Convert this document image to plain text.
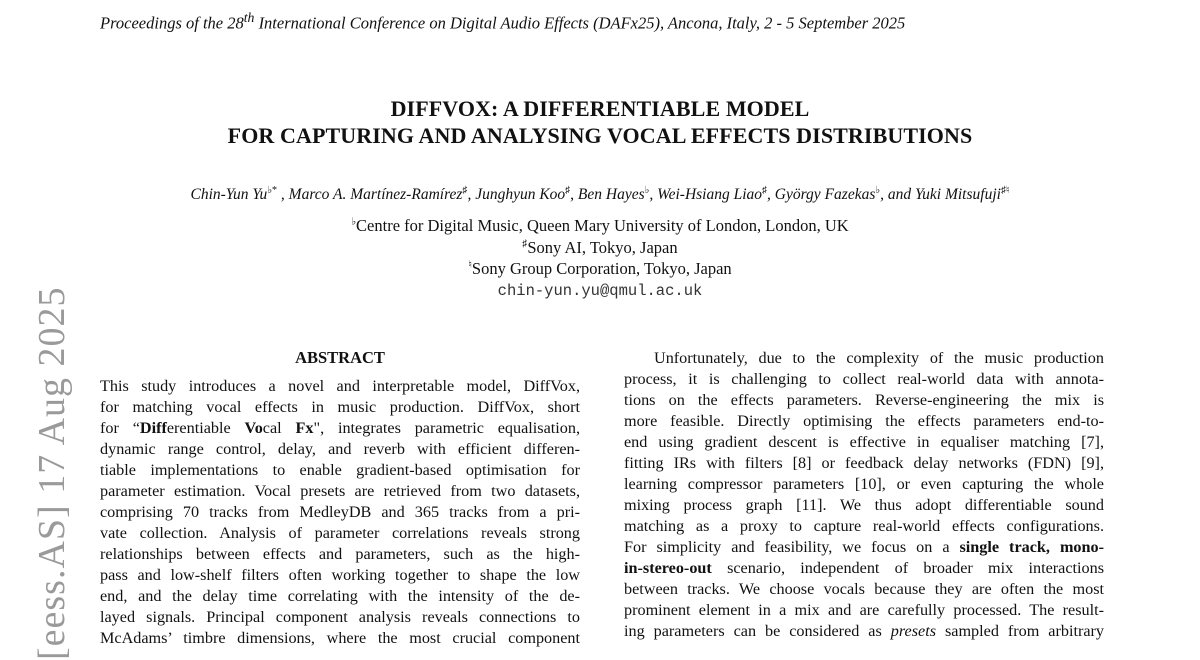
Proceedings of the 28th International Conference on Digital Audio Effects (DAFx25), Ancona, Italy, 2 - 5 September 2025
DIFFVOX: A DIFFERENTIABLE MODEL
FOR CAPTURING AND ANALYSING VOCAL EFFECTS DISTRIBUTIONS
Chin-Yun Yu♭* , Marco A. Martínez-Ramírez♯, Junghyun Koo♯, Ben Hayes♭, Wei-Hsiang Liao♯, György Fazekas♭, and Yuki Mitsufuji♯♮
♭Centre for Digital Music, Queen Mary University of London, London, UK
♯Sony AI, Tokyo, Japan
♮Sony Group Corporation, Tokyo, Japan
chin-yun.yu@qmul.ac.uk
ABSTRACT
This study introduces a novel and interpretable model, DiffVox,
for matching vocal effects in music production. DiffVox, short
for “Differentiable Vocal Fx", integrates parametric equalisation,
dynamic range control, delay, and reverb with efficient differen-
tiable implementations to enable gradient-based optimisation for
parameter estimation. Vocal presets are retrieved from two datasets,
comprising 70 tracks from MedleyDB and 365 tracks from a pri-
vate collection. Analysis of parameter correlations reveals strong
relationships between effects and parameters, such as the high-
pass and low-shelf filters often working together to shape the low
end, and the delay time correlating with the intensity of the de-
layed signals. Principal component analysis reveals connections to
McAdams’ timbre dimensions, where the most crucial component
Unfortunately, due to the complexity of the music production
process, it is challenging to collect real-world data with annota-
tions on the effects parameters. Reverse-engineering the mix is
more feasible. Directly optimising the effects parameters end-to-
end using gradient descent is effective in equaliser matching [7],
fitting IRs with filters [8] or feedback delay networks (FDN) [9],
learning compressor parameters [10], or even capturing the whole
mixing process graph [11]. We thus adopt differentiable sound
matching as a proxy to capture real-world effects configurations.
For simplicity and feasibility, we focus on a single track, mono-
in-stereo-out scenario, independent of broader mix interactions
between tracks. We choose vocals because they are often the most
prominent element in a mix and are carefully processed. The result-
ing parameters can be considered as presets sampled from arbitrary
[eess.AS] 17 Aug 2025
